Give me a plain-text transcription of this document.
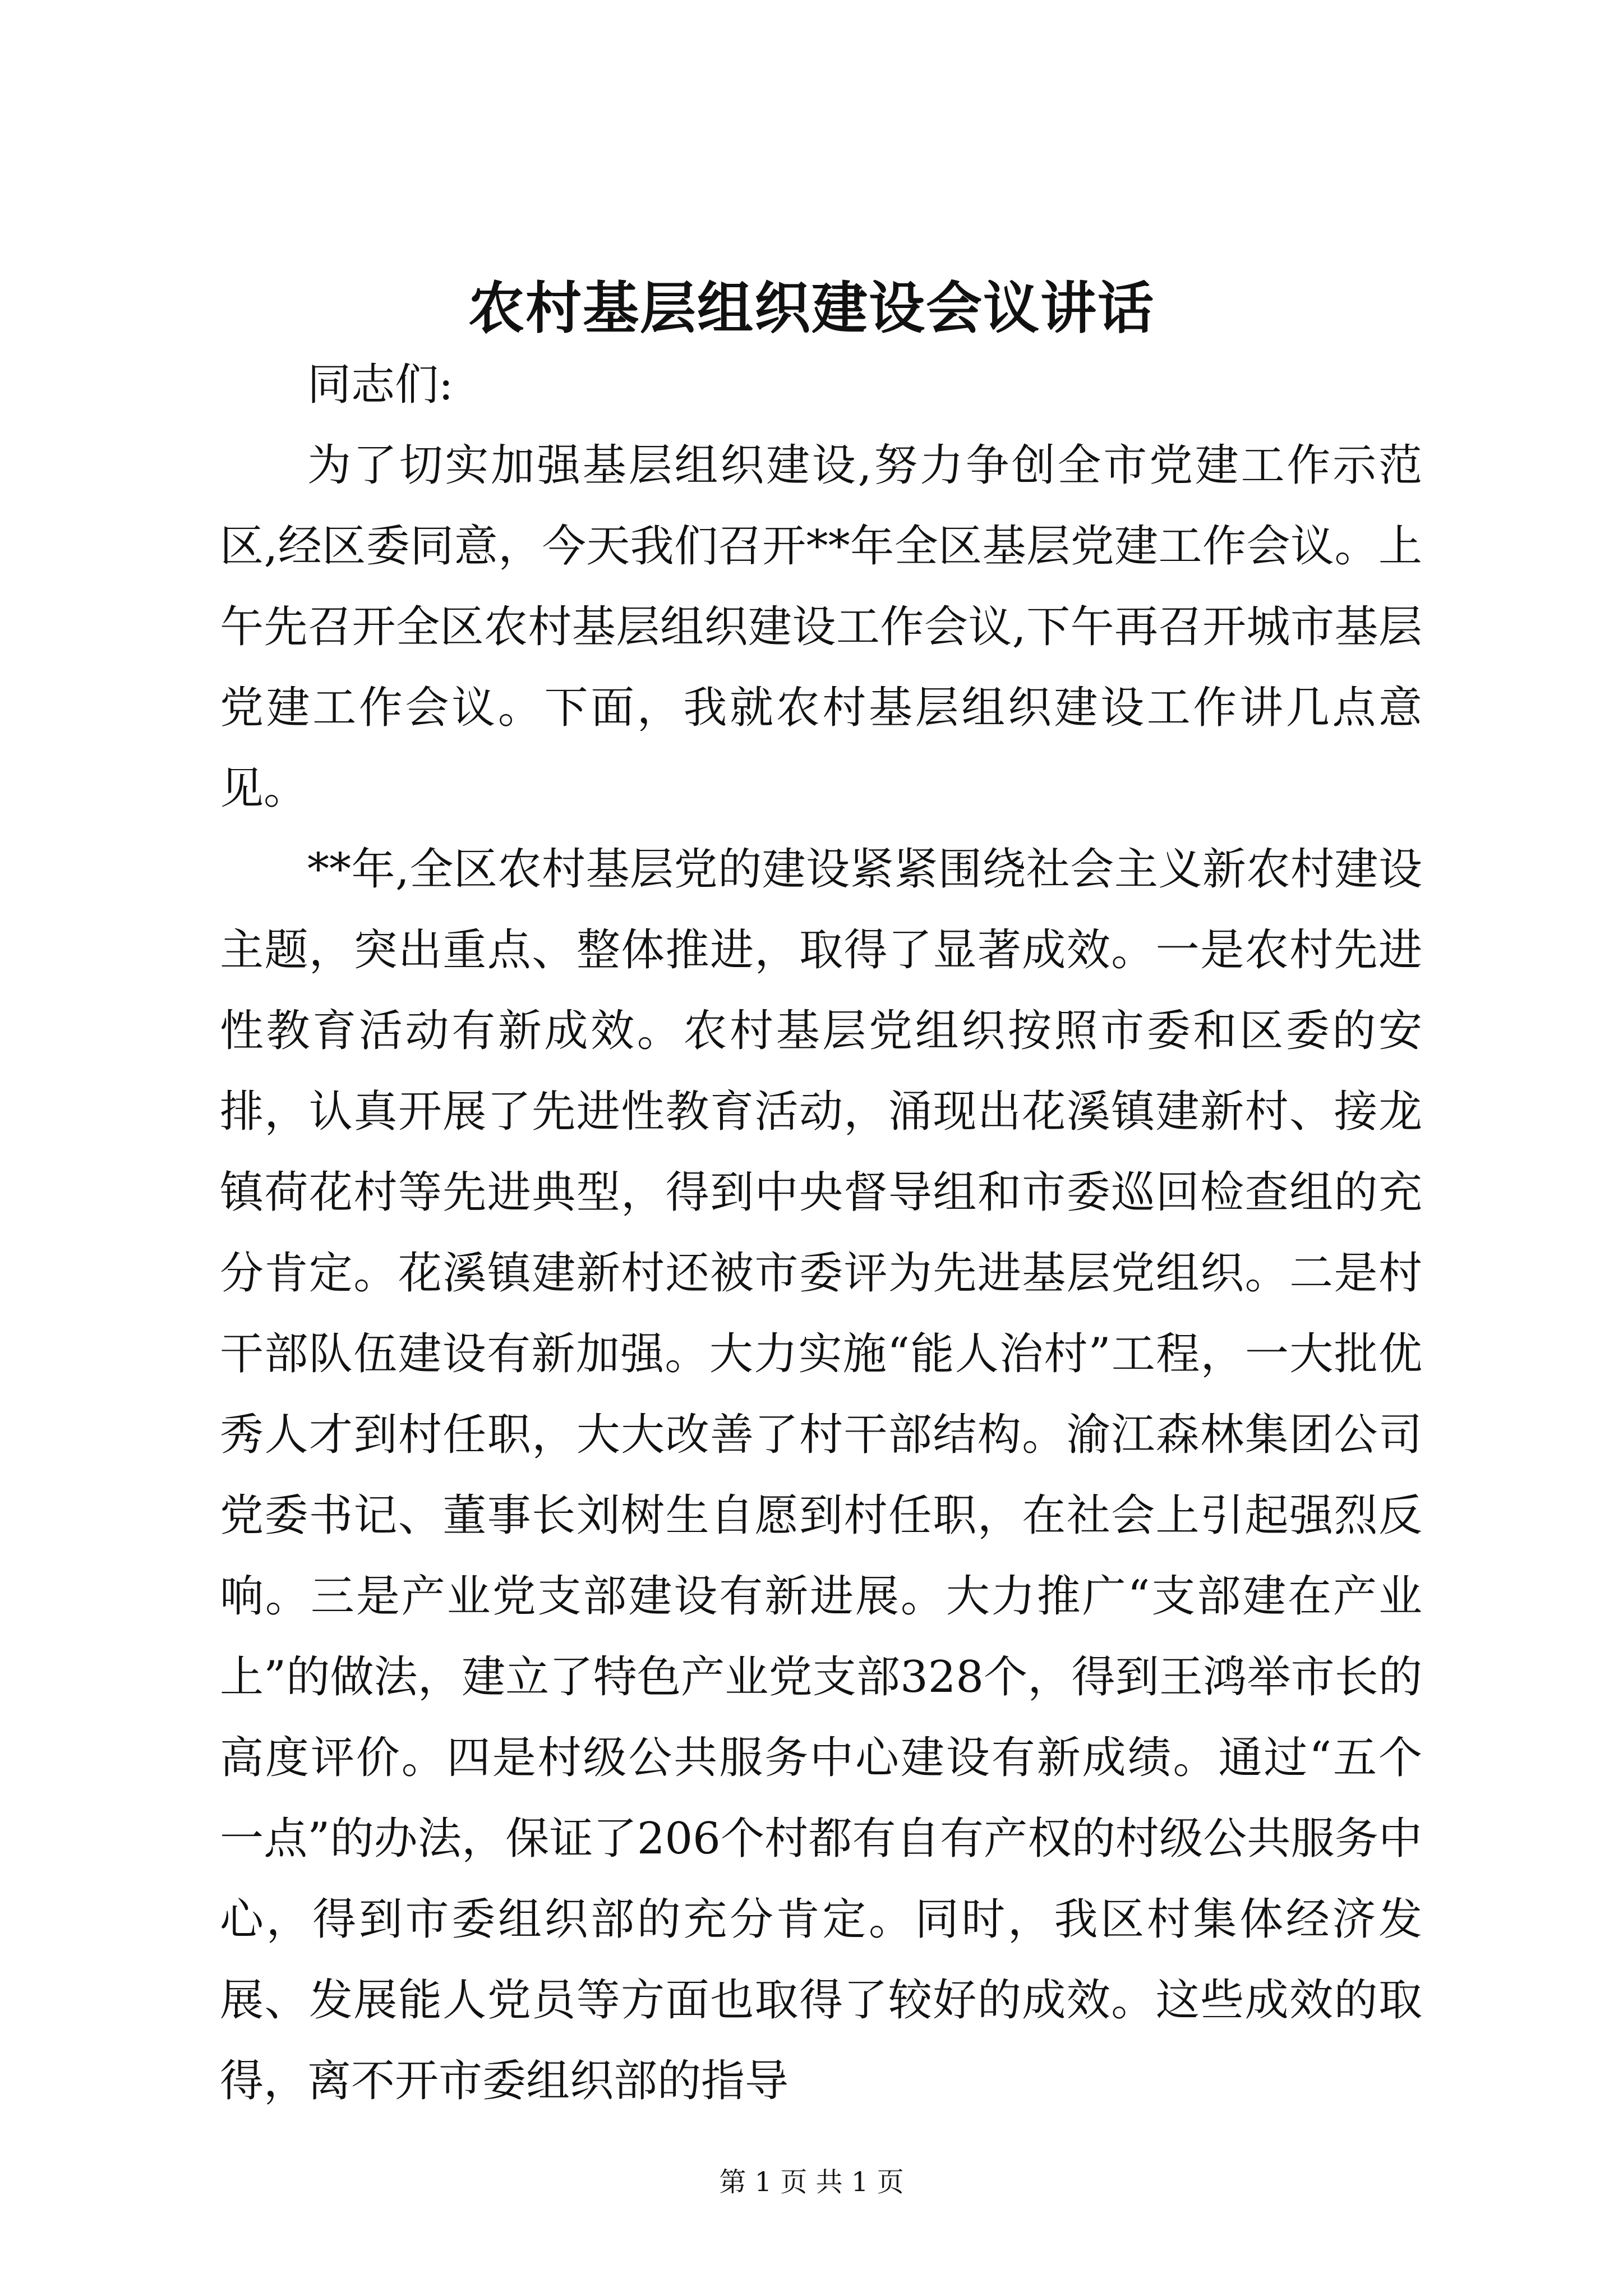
农村基层组织建设会议讲话

同志们:

为了切实加强基层组织建设,努力争创全市党建工作示范区,经区委同意，今天我们召开**年全区基层党建工作会议。上午先召开全区农村基层组织建设工作会议,下午再召开城市基层党建工作会议。下面，我就农村基层组织建设工作讲几点意见。

**年,全区农村基层党的建设紧紧围绕社会主义新农村建设主题，突出重点、整体推进，取得了显著成效。一是农村先进性教育活动有新成效。农村基层党组织按照市委和区委的安排，认真开展了先进性教育活动，涌现出花溪镇建新村、接龙镇荷花村等先进典型，得到中央督导组和市委巡回检查组的充分肯定。花溪镇建新村还被市委评为先进基层党组织。二是村干部队伍建设有新加强。大力实施“能人治村”工程，一大批优秀人才到村任职，大大改善了村干部结构。渝江森林集团公司党委书记、董事长刘树生自愿到村任职，在社会上引起强烈反响。三是产业党支部建设有新进展。大力推广“支部建在产业上”的做法，建立了特色产业党支部328个，得到王鸿举市长的高度评价。四是村级公共服务中心建设有新成绩。通过“五个一点”的办法，保证了206个村都有自有产权的村级公共服务中心，得到市委组织部的充分肯定。同时，我区村集体经济发展、发展能人党员等方面也取得了较好的成效。这些成效的取得，离不开市委组织部的指导

第 1 页 共 1 页
